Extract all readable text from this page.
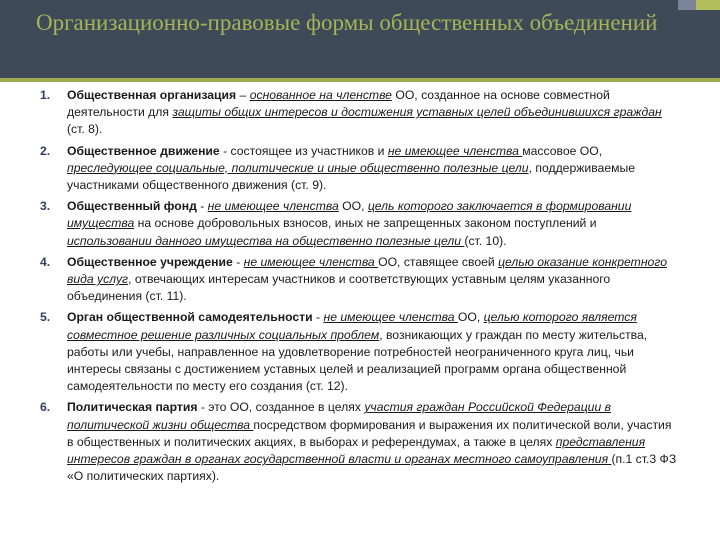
Организационно-правовые формы общественных объединений
1. Общественная организация – основанное на членстве ОО, созданное на основе совместной деятельности для защиты общих интересов и достижения уставных целей объединившихся граждан (ст. 8).
2. Общественное движение - состоящее из участников и не имеющее членства массовое ОО, преследующее социальные, политические и иные общественно полезные цели, поддерживаемые участниками общественного движения (ст. 9).
3. Общественный фонд - не имеющее членства ОО, цель которого заключается в формировании имущества на основе добровольных взносов, иных не запрещенных законом поступлений и использовании данного имущества на общественно полезные цели (ст. 10).
4. Общественное учреждение - не имеющее членства ОО, ставящее своей целью оказание конкретного вида услуг, отвечающих интересам участников и соответствующих уставным целям указанного объединения (ст. 11).
5. Орган общественной самодеятельности - не имеющее членства ОО, целью которого является совместное решение различных социальных проблем, возникающих у граждан по месту жительства, работы или учебы, направленное на удовлетворение потребностей неограниченного круга лиц, чьи интересы связаны с достижением уставных целей и реализацией программ органа общественной самодеятельности по месту его создания (ст. 12).
6. Политическая партия - это ОО, созданное в целях участия граждан Российской Федерации в политической жизни общества посредством формирования и выражения их политической воли, участия в общественных и политических акциях, в выборах и референдумах, а также в целях представления интересов граждан в органах государственной власти и органах местного самоуправления (п.1 ст.3 ФЗ «О политических партиях).
